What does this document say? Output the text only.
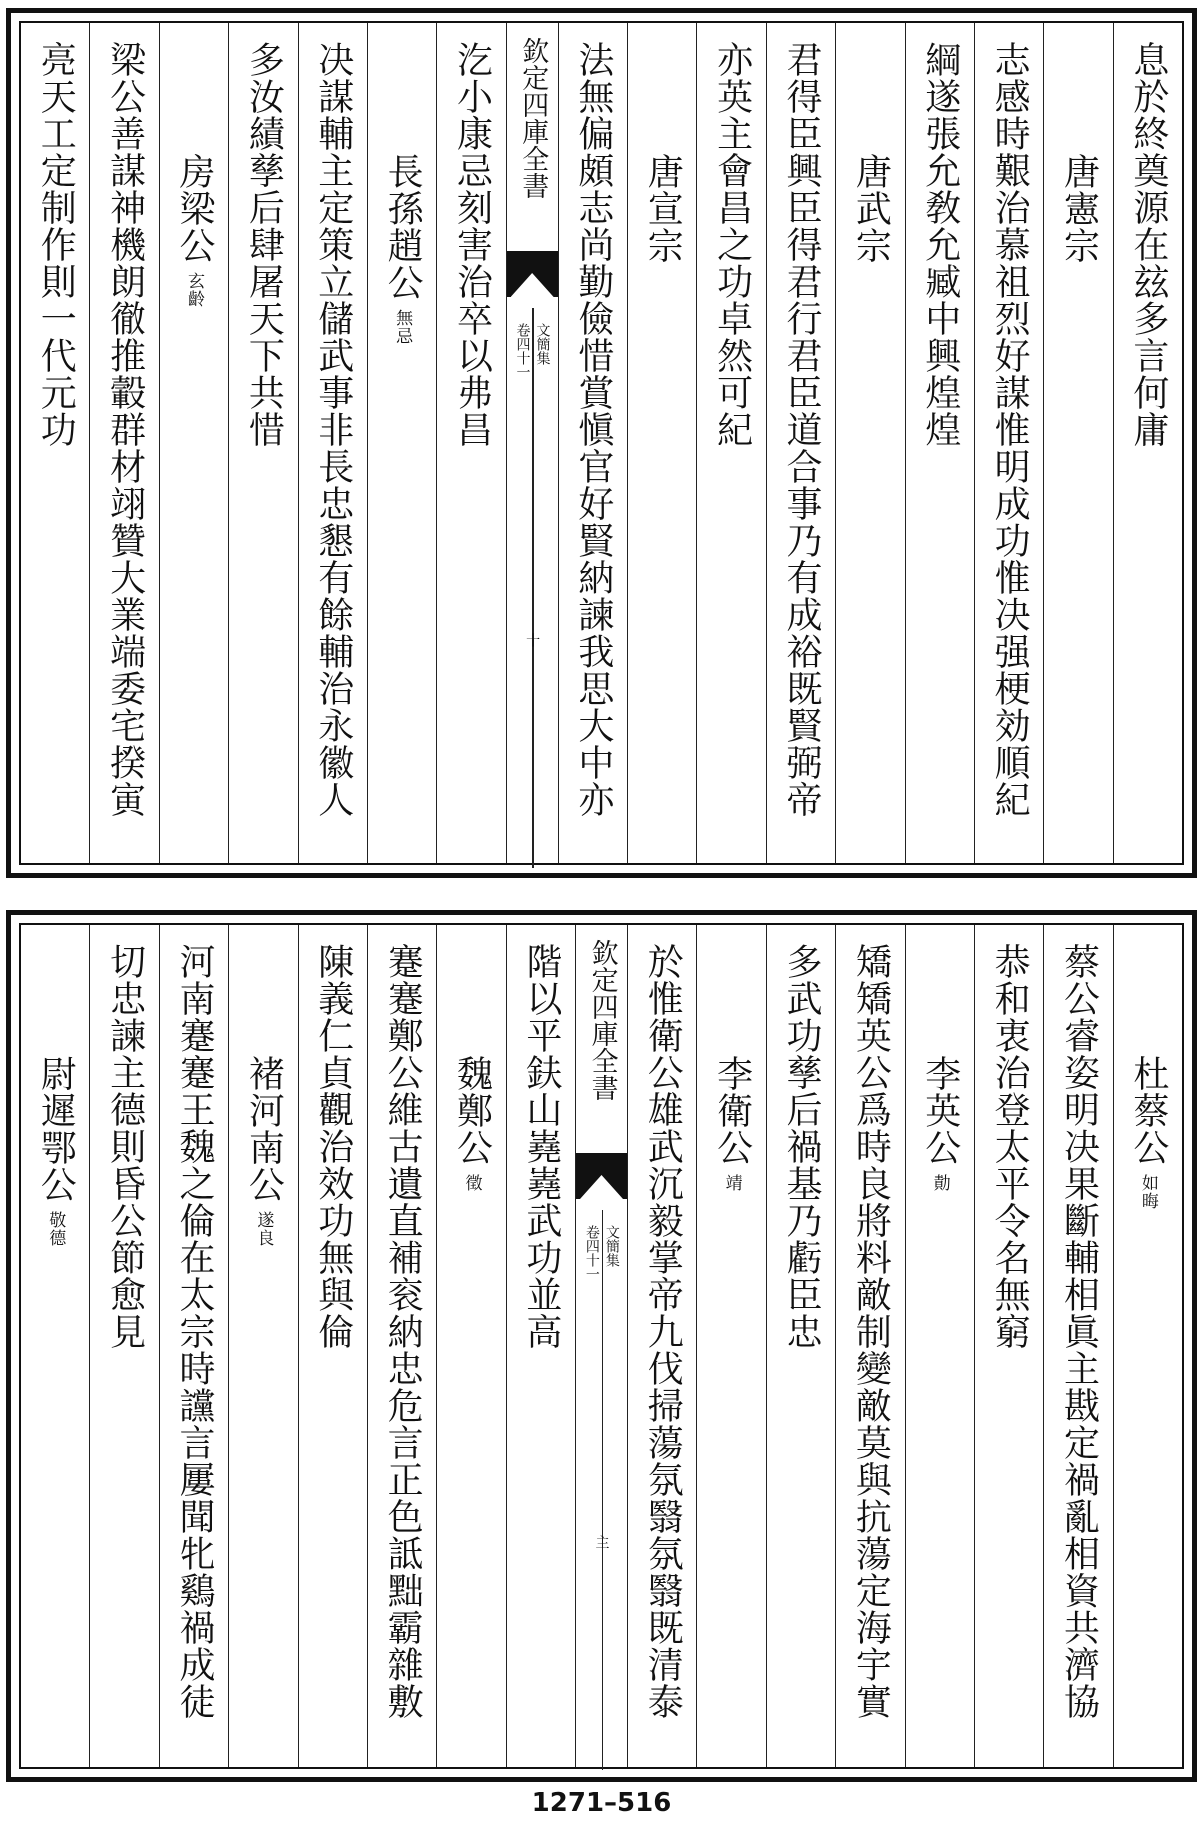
息於終奠源在玆多言何庸
唐憲宗
志感時艱治慕祖烈好謀惟明成功惟决强梗効順紀
綱遂張允敎允臧中興煌煌
唐武宗
君得臣興臣得君行君臣道合事乃有成裕既賢弼帝
亦英主會昌之功卓然可紀
唐宣宗
法無偏頗志尚勤儉惜賞愼官好賢納諫我思大中亦
欽定四庫全書
文簡集
卷四十一
十
汔小康忌刻害治卒以弗昌
長孫趙公無忌
决謀輔主定策立儲武事非長忠懇有餘輔治永徽人
多汝績孳后肆屠天下共惜
房梁公玄齡
梁公善謀神機朗徹推轂群材翊贊大業端委宅揆寅
亮天工定制作則一代元功
杜蔡公如晦
蔡公睿姿明决果斷輔相眞主戡定禍亂相資共濟協
恭和衷治登太平令名無窮
李英公勣
矯矯英公爲時良將料敵制變敵莫與抗蕩定海宇實
多武功孳后禍基乃虧臣忠
李衛公靖
於惟衛公雄武沉毅掌帝九伐掃蕩氛翳氛翳既清泰
欽定四庫全書
文簡集
卷四十一
主
階以平鈇山嶤嶤武功並高
魏鄭公徵
蹇蹇鄭公維古遺直補衮納忠危言正色詆黜霸雜敷
陳義仁貞觀治效功無與倫
褚河南公遂良
河南蹇蹇王魏之倫在太宗時讜言屢聞牝鷄禍成徒
切忠諫主德則昏公節愈見
尉遲鄂公敬德
1271–516
